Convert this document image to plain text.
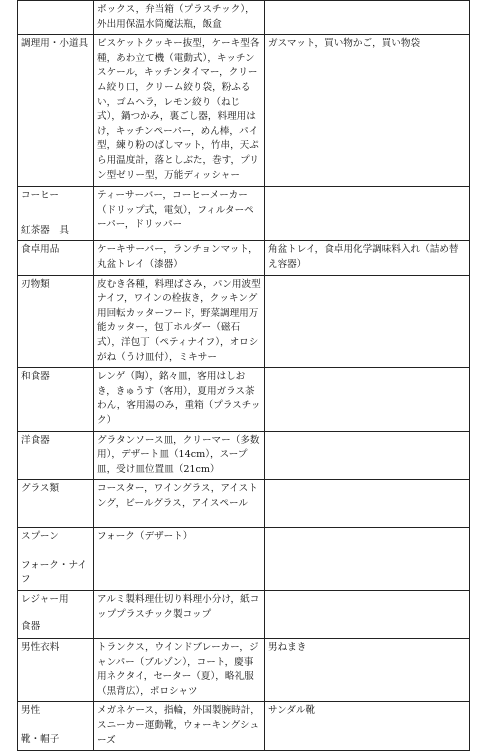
	ボックス，弁当箱（プラスチック），外出用保温水筒魔法瓶，飯盒	

調理用・小道具	ビスケットクッキー抜型，ケーキ型各種，あわ立て機（電動式），キッチンスケール，キッチンタイマー，クリーム絞り口，クリーム絞り袋，粉ふるい，ゴムヘラ，レモン絞り（ねじ式），鍋つかみ，裏ごし器，料理用はけ，キッチンペーパー，めん棒，パイ型，練り粉のばしマット，竹串，天ぷら用温度計，落としぶた，巻す，プリン型ゼリー型，万能ディッシャー	ガスマット，買い物かご，買い物袋

コーヒー
紅茶器　具	ティーサーバー，コーヒーメーカー（ドリップ式，電気），フィルターペーパー，ドリッパー	

食卓用品	ケーキサーバー，ランチョンマット，丸盆トレイ（漆器）	角盆トレイ，食卓用化学調味料入れ（詰め替え容器）

刃物類	皮むき各種，料理ばさみ，パン用波型ナイフ，ワインの栓抜き，クッキング用回転カッターフード，野菜調理用万能カッター，包丁ホルダー（磁石式），洋包丁（ペティナイフ），オロシがね（うけ皿付），ミキサー	

和食器	レンゲ（陶），銘々皿，客用はしおき，きゅうす（客用），夏用ガラス茶わん，客用湯のみ，重箱（プラスチック）	

洋食器	グラタンソース皿，クリーマー（多数用），デザート皿（14cm），スープ皿，受け皿位置皿（21cm）	

グラス類	コースター，ワイングラス，アイストング，ビールグラス，アイスペール	

スプーン
フォーク・ナイフ	フォーク（デザート）	

レジャー用
食器	アルミ製料理仕切り料理小分け，紙コッププラスチック製コップ	

男性衣料	トランクス，ウインドブレーカー，ジャンパー（ブルゾン），コート，慶事用ネクタイ，セーター（夏），略礼服（黒背広），ポロシャツ	男ねまき

男性
靴・帽子	メガネケース，指輪，外国製腕時計，スニーカー運動靴，ウォーキングシューズ	サンダル靴
